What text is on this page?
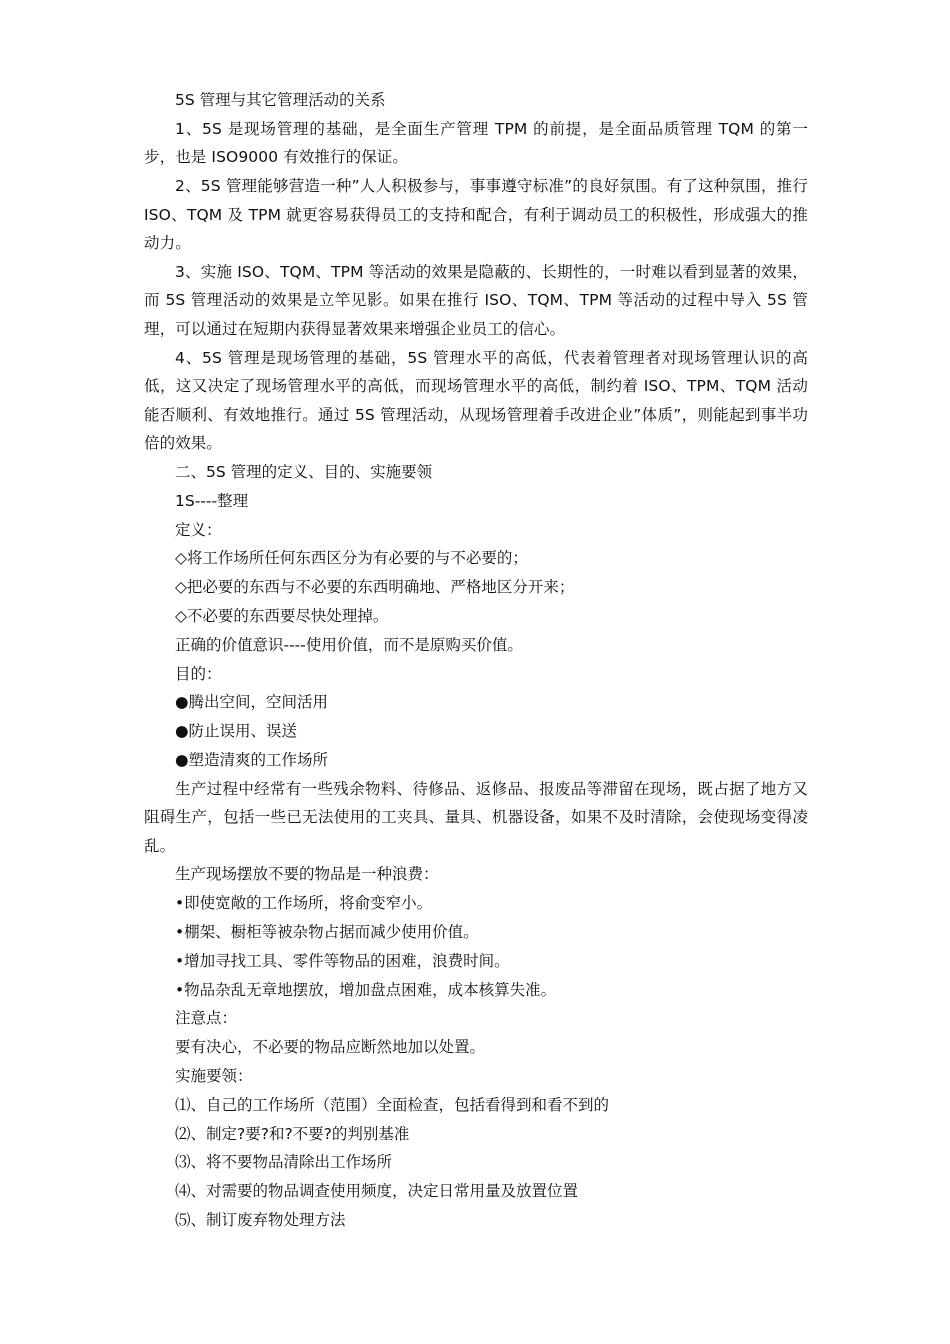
5S 管理与其它管理活动的关系

1、5S 是现场管理的基础，是全面生产管理 TPM 的前提，是全面品质管理 TQM 的第一步，也是 ISO9000 有效推行的保证。

2、5S 管理能够营造一种”人人积极参与，事事遵守标准”的良好氛围。有了这种氛围，推行 ISO、TQM 及 TPM 就更容易获得员工的支持和配合，有利于调动员工的积极性，形成强大的推动力。

3、实施 ISO、TQM、TPM 等活动的效果是隐蔽的、长期性的，一时难以看到显著的效果，而 5S 管理活动的效果是立竿见影。如果在推行 ISO、TQM、TPM 等活动的过程中导入 5S 管理，可以通过在短期内获得显著效果来增强企业员工的信心。

4、5S 管理是现场管理的基础，5S 管理水平的高低，代表着管理者对现场管理认识的高低，这又决定了现场管理水平的高低，而现场管理水平的高低，制约着 ISO、TPM、TQM 活动能否顺利、有效地推行。通过 5S 管理活动，从现场管理着手改进企业”体质”，则能起到事半功倍的效果。

二、5S 管理的定义、目的、实施要领

1S----整理

定义：

◇将工作场所任何东西区分为有必要的与不必要的；

◇把必要的东西与不必要的东西明确地、严格地区分开来；

◇不必要的东西要尽快处理掉。

正确的价值意识----使用价值，而不是原购买价值。

目的：

●腾出空间，空间活用

●防止误用、误送

●塑造清爽的工作场所

生产过程中经常有一些残余物料、待修品、返修品、报废品等滞留在现场，既占据了地方又阻碍生产，包括一些已无法使用的工夹具、量具、机器设备，如果不及时清除，会使现场变得凌乱。

生产现场摆放不要的物品是一种浪费：

•即使宽敞的工作场所，将俞变窄小。

•棚架、橱柜等被杂物占据而减少使用价值。

•增加寻找工具、零件等物品的困难，浪费时间。

•物品杂乱无章地摆放，增加盘点困难，成本核算失准。

注意点：

要有决心，不必要的物品应断然地加以处置。

实施要领：

⑴、自己的工作场所（范围）全面检查，包括看得到和看不到的

⑵、制定?要?和?不要?的判别基准

⑶、将不要物品清除出工作场所

⑷、对需要的物品调查使用频度，决定日常用量及放置位置

⑸、制订废弃物处理方法
